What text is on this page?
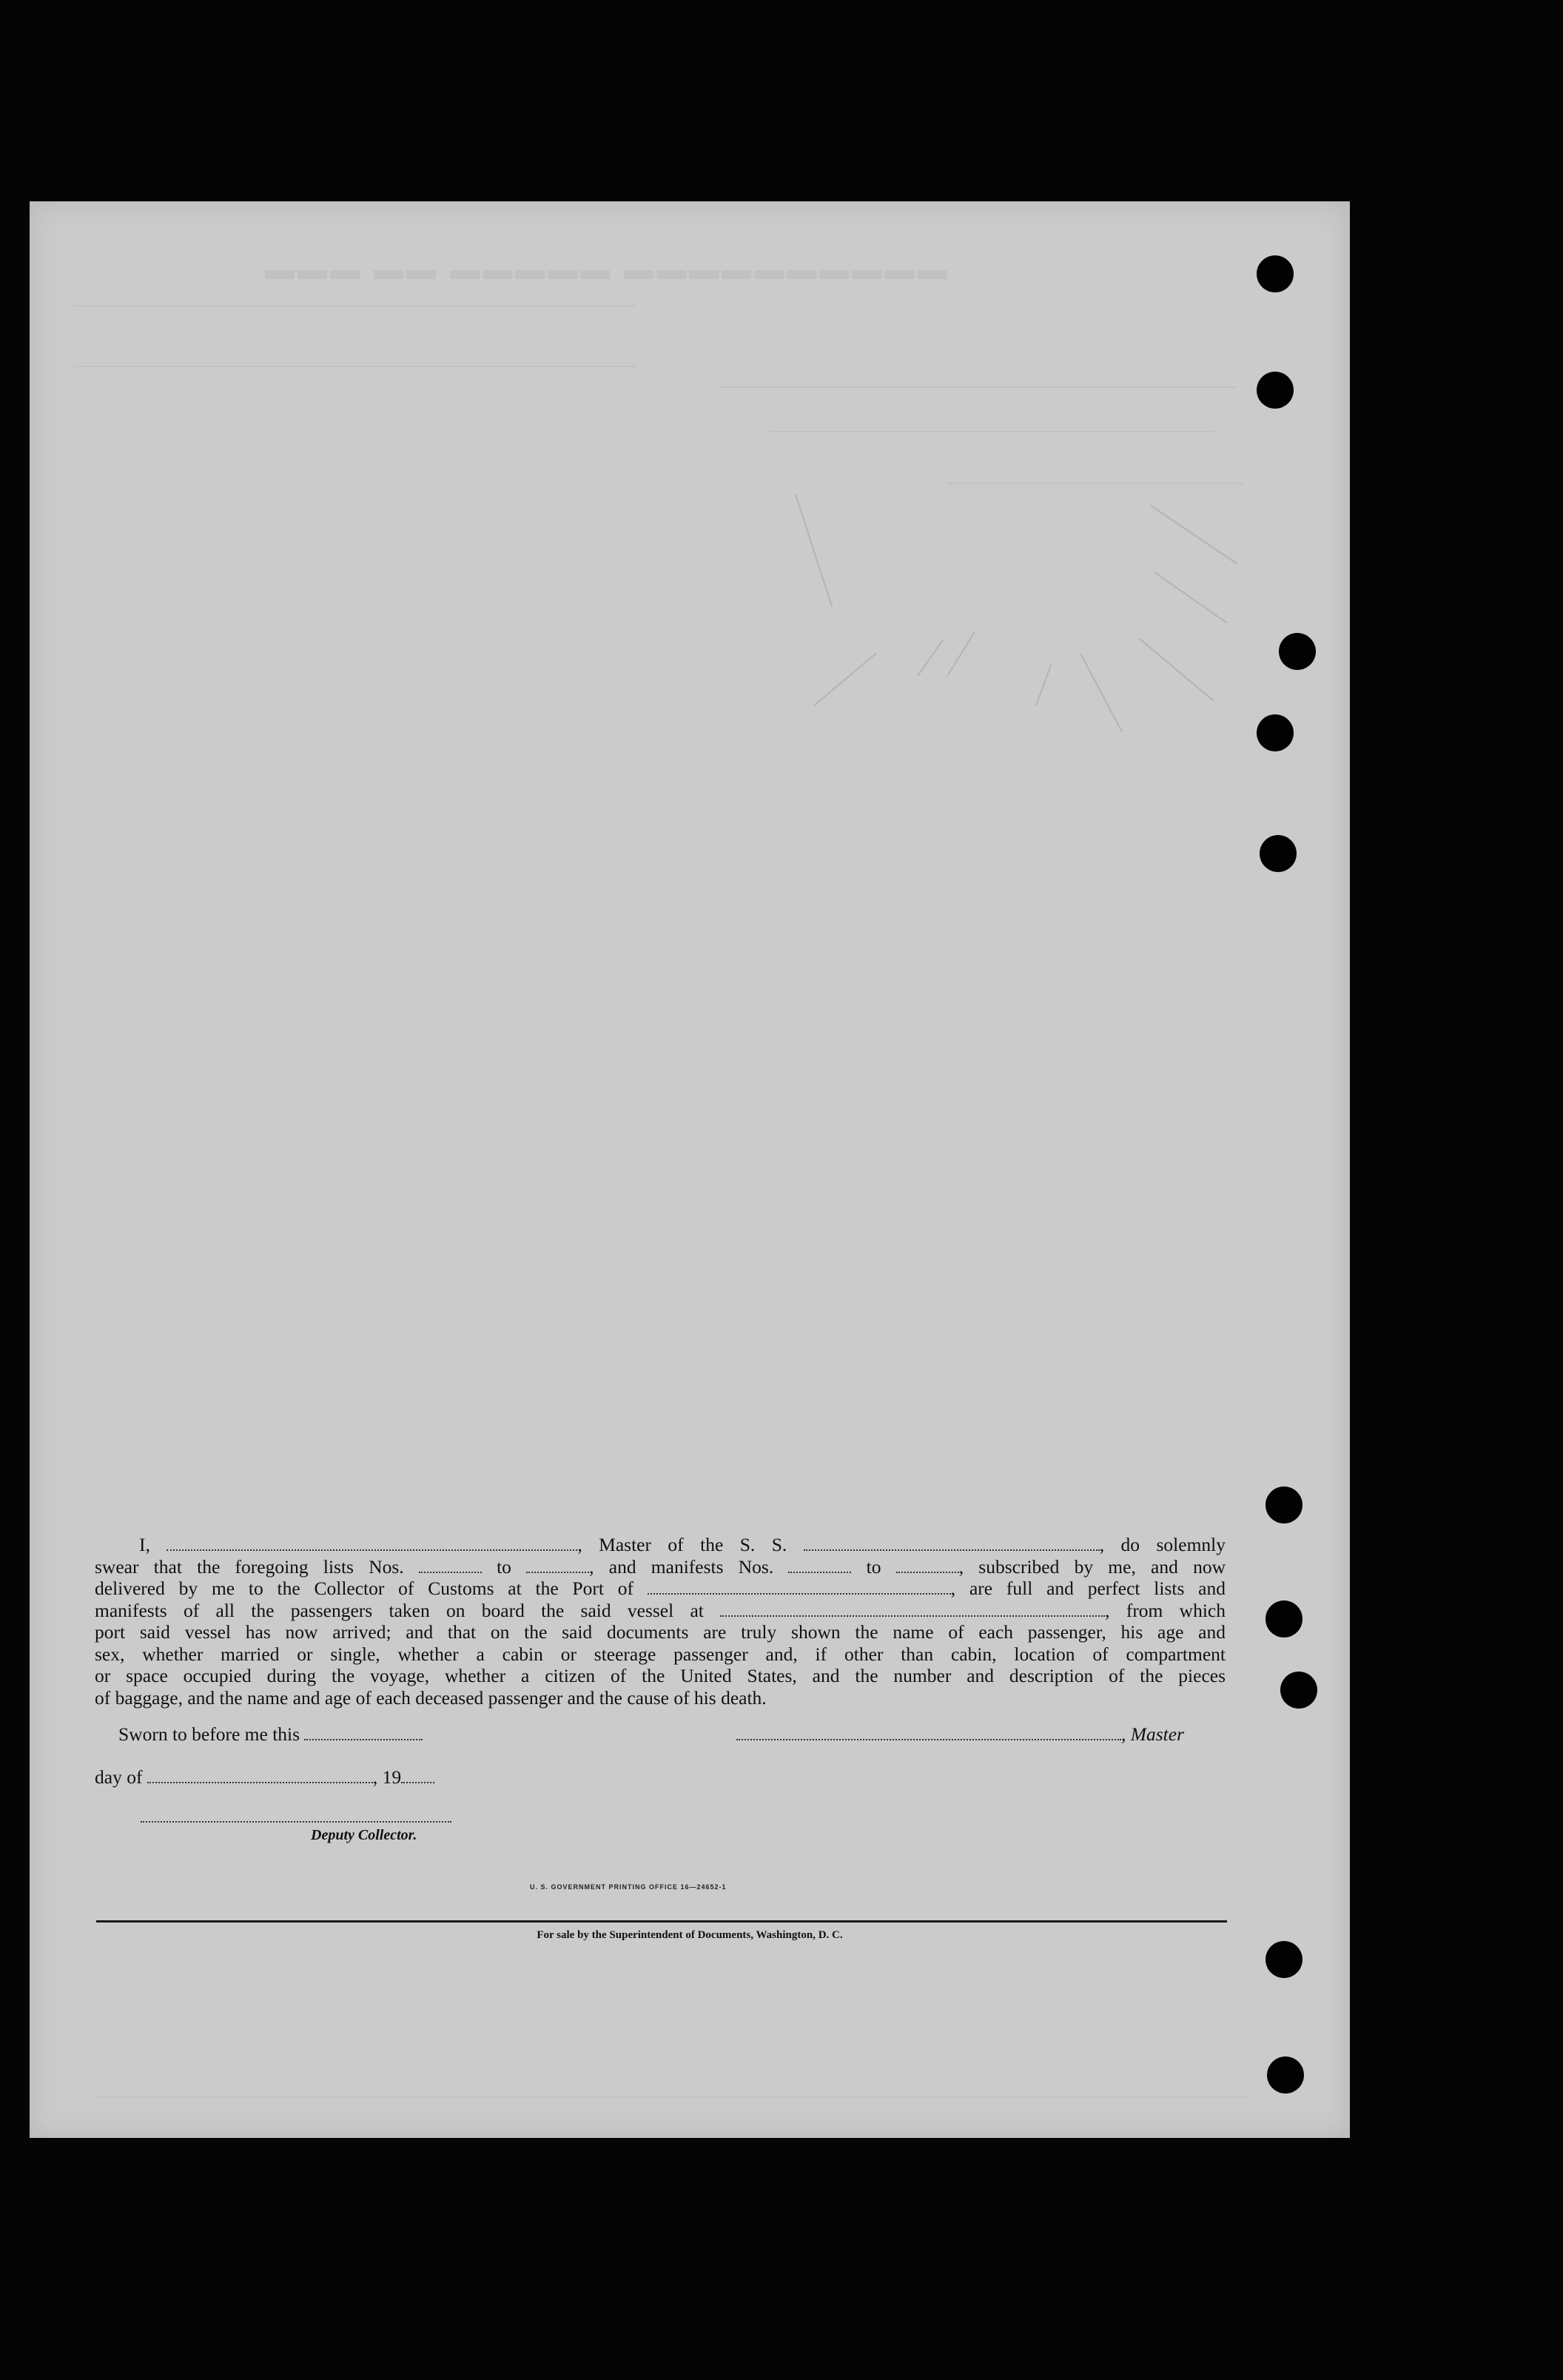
▬▬▬ ▬▬ ▬▬▬▬▬ ▬▬▬▬▬▬▬▬▬▬
I,	, Master of the S. S.	, do solemnly
swear that the foregoing lists Nos.	to	, and manifests Nos.	to	, subscribed by me, and now
delivered by me to the Collector of Customs at the Port of	, are full and perfect lists and
manifests of all the passengers taken on board the said vessel at	, from which
port said vessel has now arrived; and that on the said documents are truly shown the name of each passenger, his age and
sex, whether married or single, whether a cabin or steerage passenger and, if other than cabin, location of compartment
or space occupied during the voyage, whether a citizen of the United States, and the number and description of the pieces
of baggage, and the name and age of each deceased passenger and the cause of his death.
Sworn to before me this	, Master
day of	, 19
Deputy Collector.
U. S. GOVERNMENT PRINTING OFFICE 16—24652-1
For sale by the Superintendent of Documents, Washington, D. C.
